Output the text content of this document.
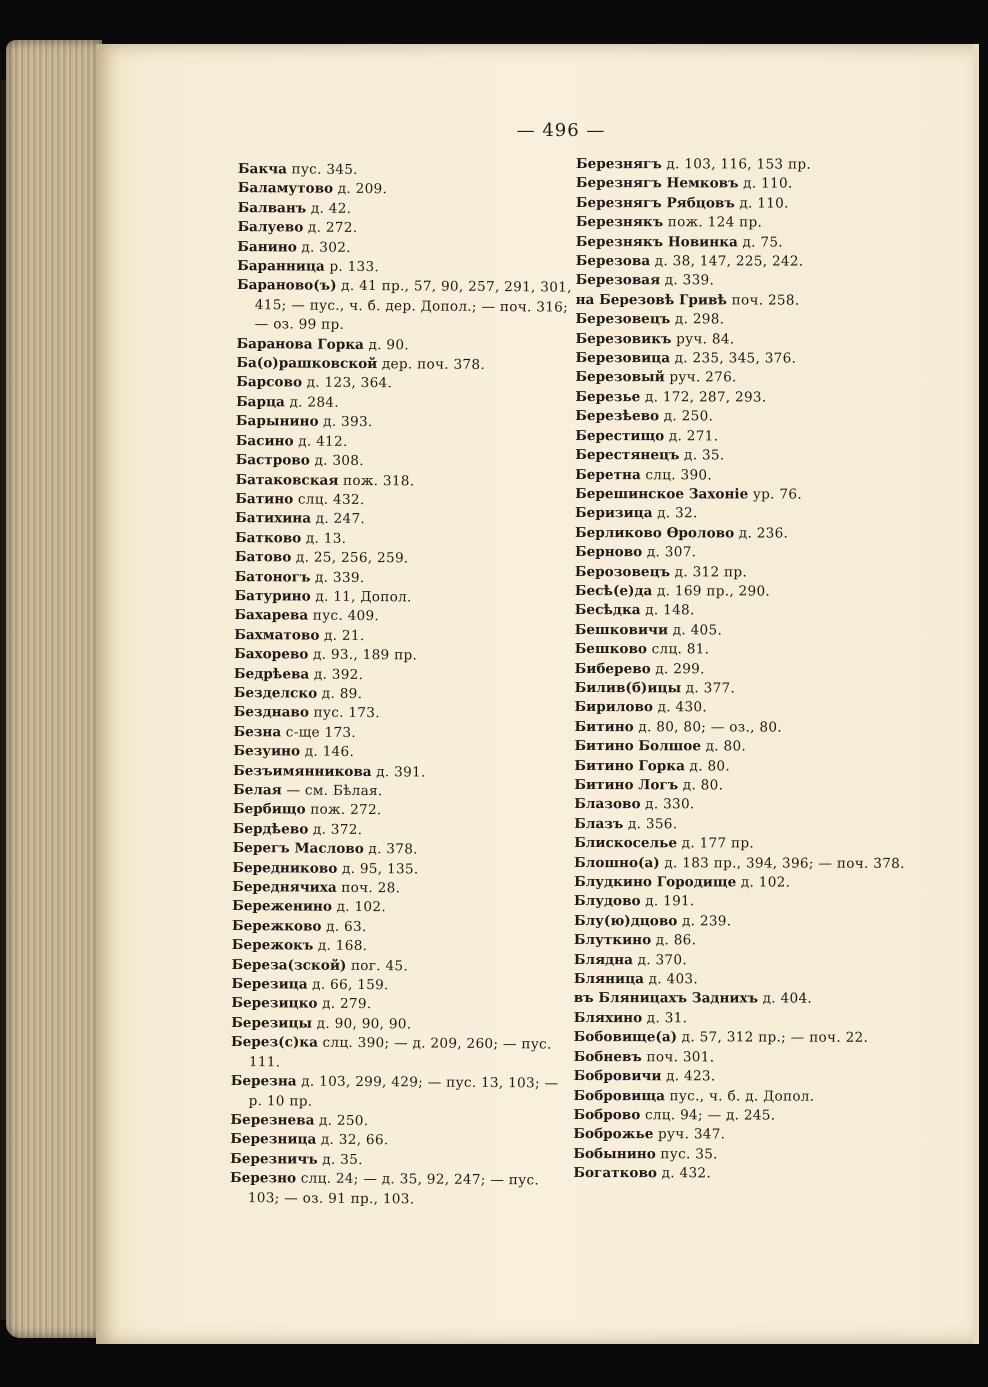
— 496 —
Бакча пус. 345.
Баламутово д. 209.
Балванъ д. 42.
Балуево д. 272.
Банино д. 302.
Баранница р. 133.
Бараново(ъ) д. 41 пр., 57, 90, 257, 291, 301, 415; — пус., ч. б. дер. Допол.; — поч. 316; — оз. 99 пр.
Баранова Горка д. 90.
Ба(о)рашковской дер. поч. 378.
Барсово д. 123, 364.
Барца д. 284.
Барынино д. 393.
Басино д. 412.
Бастрово д. 308.
Батаковская пож. 318.
Батино слц. 432.
Батихина д. 247.
Батково д. 13.
Батово д. 25, 256, 259.
Батоногъ д. 339.
Батурино д. 11, Допол.
Бахарева пус. 409.
Бахматово д. 21.
Бахорево д. 93., 189 пр.
Бедрѣева д. 392.
Безделско д. 89.
Безднаво пус. 173.
Безна с-ще 173.
Безуино д. 146.
Безъимянникова д. 391.
Белая — см. Бѣлая.
Бербищо пож. 272.
Бердѣево д. 372.
Берегъ Маслово д. 378.
Бередниково д. 95, 135.
Береднячиха поч. 28.
Береженино д. 102.
Бережково д. 63.
Бережокъ д. 168.
Береза(зской) пог. 45.
Березица д. 66, 159.
Березицко д. 279.
Березицы д. 90, 90, 90.
Берез(с)ка слц. 390; — д. 209, 260; — пус. 111.
Березна д. 103, 299, 429; — пус. 13, 103; — р. 10 пр.
Березнева д. 250.
Березница д. 32, 66.
Березничъ д. 35.
Березно слц. 24; — д. 35, 92, 247; — пус. 103; — оз. 91 пр., 103.
Березнягъ д. 103, 116, 153 пр.
Березнягъ Немковъ д. 110.
Березнягъ Рябцовъ д. 110.
Березнякъ пож. 124 пр.
Березнякъ Новинка д. 75.
Березова д. 38, 147, 225, 242.
Березовая д. 339.
на Березовѣ Гривѣ поч. 258.
Березовецъ д. 298.
Березовикъ руч. 84.
Березовица д. 235, 345, 376.
Березовый руч. 276.
Березье д. 172, 287, 293.
Березѣево д. 250.
Берестищо д. 271.
Берестянецъ д. 35.
Беретна слц. 390.
Берешинское Захоніе ур. 76.
Беризица д. 32.
Берликово Ѳролово д. 236.
Берново д. 307.
Берозовецъ д. 312 пр.
Бесѣ(е)да д. 169 пр., 290.
Бесѣдка д. 148.
Бешковичи д. 405.
Бешково слц. 81.
Биберево д. 299.
Билив(б)ицы д. 377.
Бирилово д. 430.
Битино д. 80, 80; — оз., 80.
Битино Болшое д. 80.
Битино Горка д. 80.
Битино Логъ д. 80.
Блазово д. 330.
Блазъ д. 356.
Блискоселье д. 177 пр.
Блошно(а) д. 183 пр., 394, 396; — поч. 378.
Блудкино Городище д. 102.
Блудово д. 191.
Блу(ю)дцово д. 239.
Блуткино д. 86.
Блядна д. 370.
Бляница д. 403.
въ Бляницахъ Заднихъ д. 404.
Бляхино д. 31.
Бобовище(а) д. 57, 312 пр.; — поч. 22.
Бобневъ поч. 301.
Бобровичи д. 423.
Бобровища пус., ч. б. д. Допол.
Боброво слц. 94; — д. 245.
Боброжье руч. 347.
Бобынино пус. 35.
Богатково д. 432.
